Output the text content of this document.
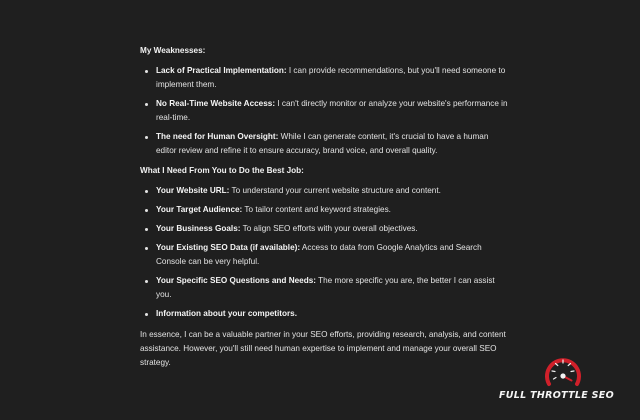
My Weaknesses:
Lack of Practical Implementation: I can provide recommendations, but you'll need someone to implement them.
No Real-Time Website Access: I can't directly monitor or analyze your website's performance in real-time.
The need for Human Oversight: While I can generate content, it's crucial to have a human editor review and refine it to ensure accuracy, brand voice, and overall quality.
What I Need From You to Do the Best Job:
Your Website URL: To understand your current website structure and content.
Your Target Audience: To tailor content and keyword strategies.
Your Business Goals: To align SEO efforts with your overall objectives.
Your Existing SEO Data (if available): Access to data from Google Analytics and Search Console can be very helpful.
Your Specific SEO Questions and Needs: The more specific you are, the better I can assist you.
Information about your competitors.
In essence, I can be a valuable partner in your SEO efforts, providing research, analysis, and content assistance. However, you'll still need human expertise to implement and manage your overall SEO strategy.
FULL THROTTLE SEO
